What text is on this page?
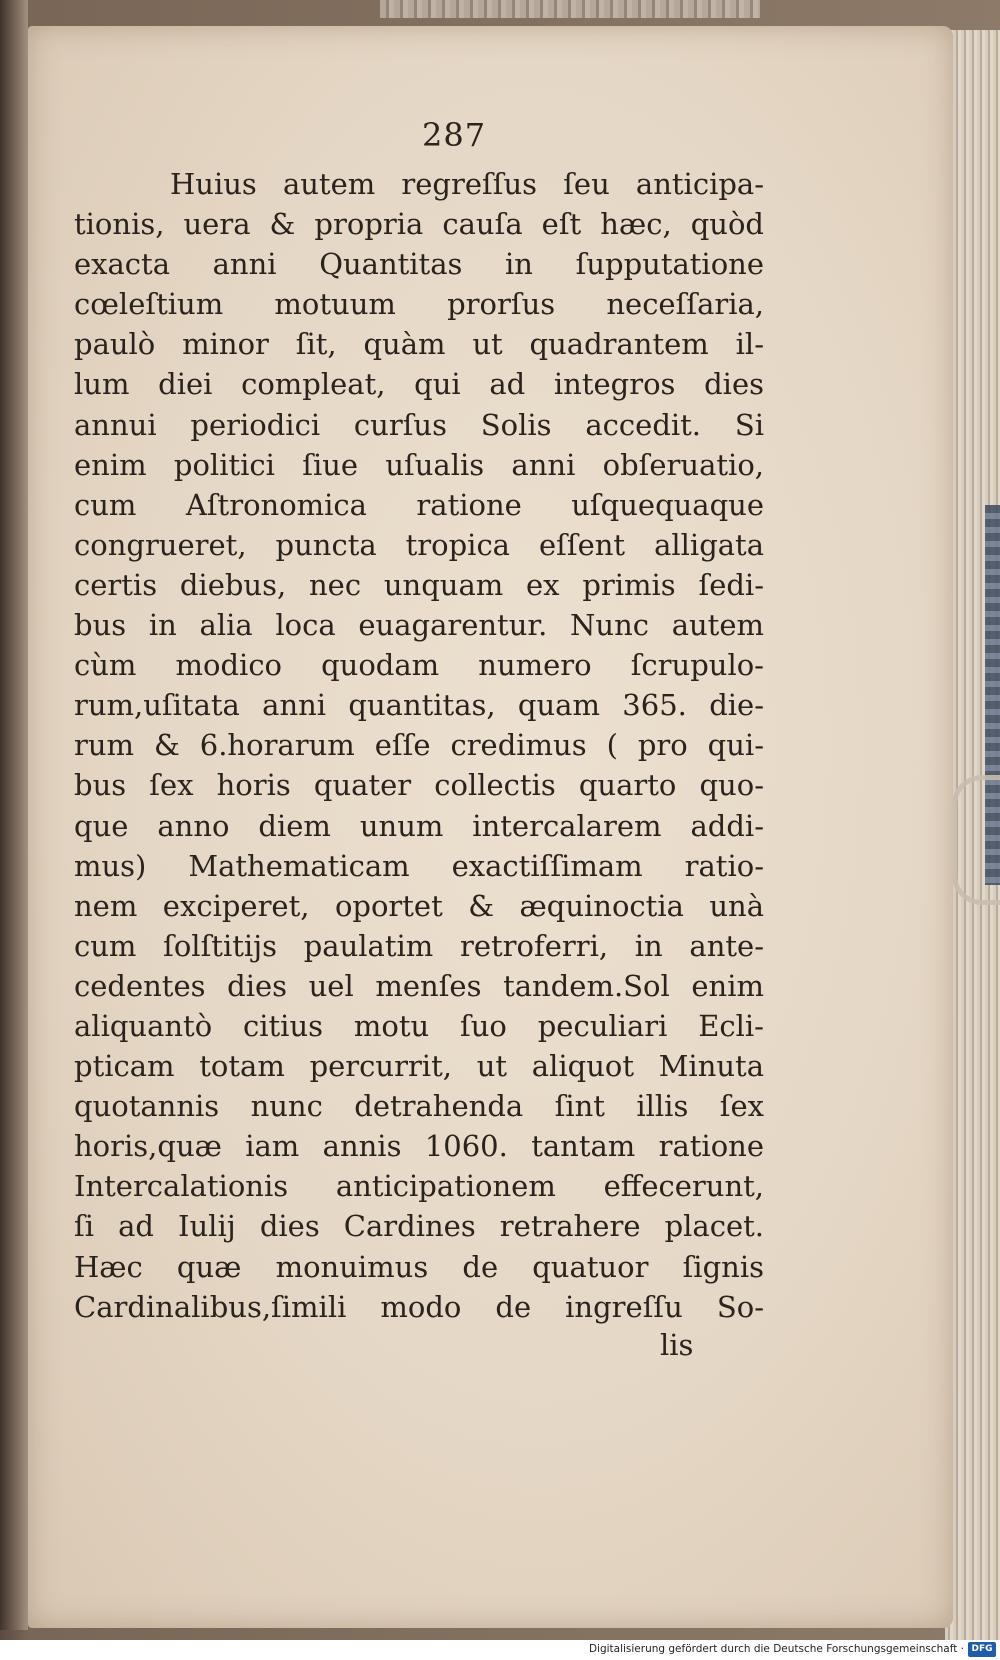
287
Huius autem regreſſus ſeu anticipa-
tionis, uera & propria cauſa eſt hæc, quòd
exacta anni Quantitas in ſupputatione
cœleſtium motuum prorſus neceſſaria,
paulò minor ſit, quàm ut quadrantem il-
lum diei compleat, qui ad integros dies
annui periodici curſus Solis accedit. Si
enim politici ſiue uſualis anni obſeruatio,
cum Aſtronomica ratione uſquequaque
congrueret, puncta tropica eſſent alligata
certis diebus, nec unquam ex primis ſedi-
bus in alia loca euagarentur. Nunc autem
cùm modico quodam numero ſcrupulo-
rum,uſitata anni quantitas, quam 365. die-
rum & 6.horarum eſſe credimus ( pro qui-
bus ſex horis quater collectis quarto quo-
que anno diem unum intercalarem addi-
mus) Mathematicam exactiſſimam ratio-
nem exciperet, oportet & æquinoctia unà
cum ſolſtitijs paulatim retroferri, in ante-
cedentes dies uel menſes tandem.Sol enim
aliquantò citius motu ſuo peculiari Ecli-
pticam totam percurrit, ut aliquot Minuta
quotannis nunc detrahenda ſint illis ſex
horis,quæ iam annis 1060. tantam ratione
Intercalationis anticipationem effecerunt,
ſi ad Iulij dies Cardines retrahere placet.
Hæc quæ monuimus de quatuor ſignis
Cardinalibus,ſimili modo de ingreſſu So-
lis
Digitalisierung gefördert durch die Deutsche Forschungsgemeinschaft · DFG
